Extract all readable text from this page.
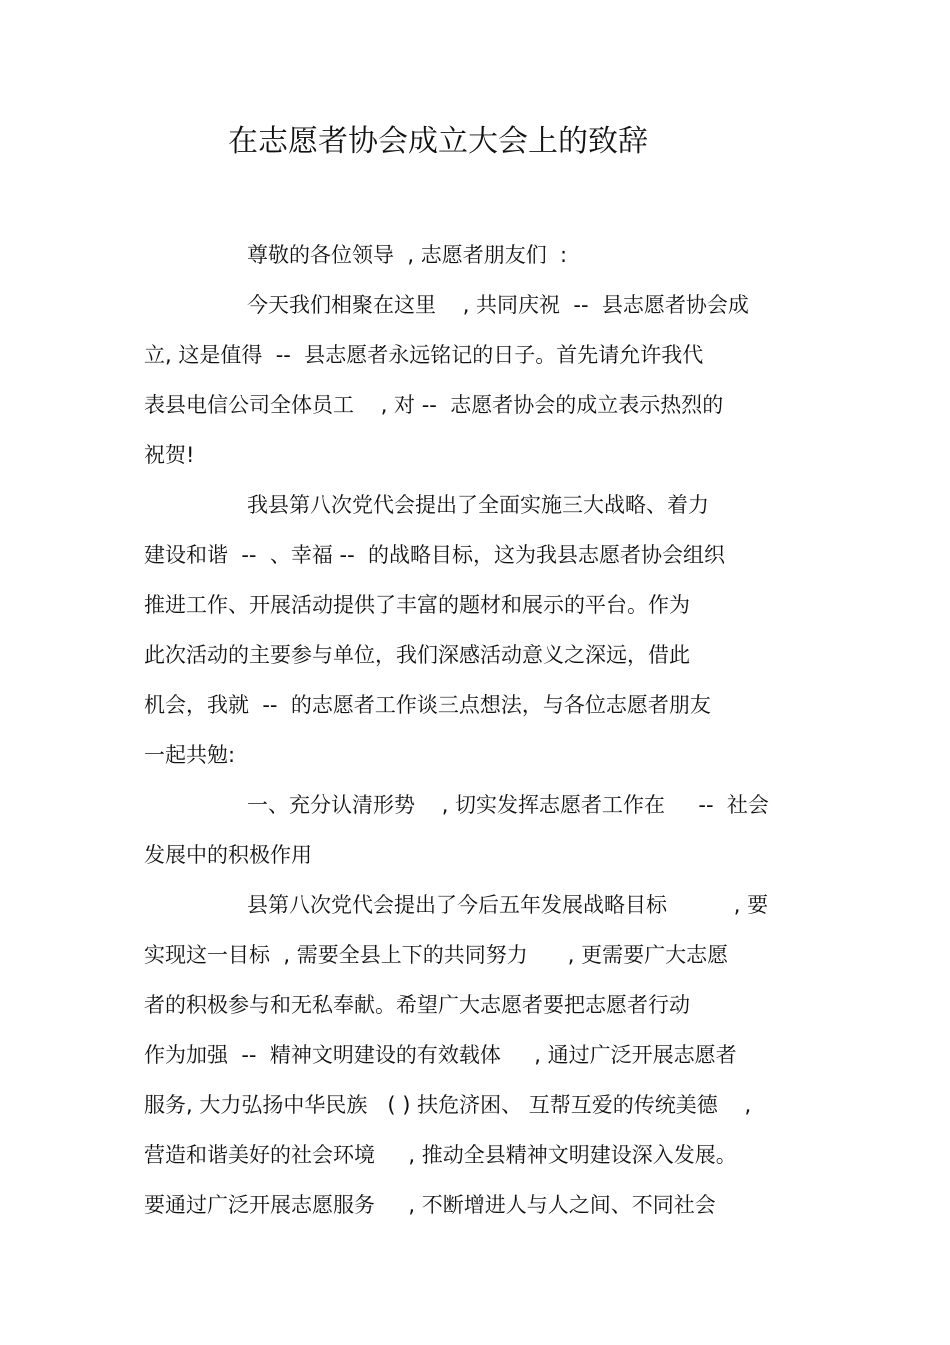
在志愿者协会成立大会上的致辞
尊敬的各位领导  , 志愿者朋友们  :
今天我们相聚在这里    , 共同庆祝  --  县志愿者协会成
立, 这是值得  --  县志愿者永远铭记的日子。首先请允许我代
表县电信公司全体员工    , 对 --  志愿者协会的成立表示热烈的
祝贺!
我县第八次党代会提出了全面实施三大战略、着力
建设和谐  --  、幸福 --  的战略目标，这为我县志愿者协会组织
推进工作、开展活动提供了丰富的题材和展示的平台。作为
此次活动的主要参与单位，我们深感活动意义之深远，借此
机会，我就  --  的志愿者工作谈三点想法，与各位志愿者朋友
一起共勉:
一、充分认清形势    , 切实发挥志愿者工作在     --  社会
发展中的积极作用
县第八次党代会提出了今后五年发展战略目标          , 要
实现这一目标  , 需要全县上下的共同努力      , 更需要广大志愿
者的积极参与和无私奉献。希望广大志愿者要把志愿者行动
作为加强  --  精神文明建设的有效载体     , 通过广泛开展志愿者
服务, 大力弘扬中华民族   ( ) 扶危济困、 互帮互爱的传统美德    ,
营造和谐美好的社会环境     , 推动全县精神文明建设深入发展。
要通过广泛开展志愿服务     , 不断增进人与人之间、不同社会
